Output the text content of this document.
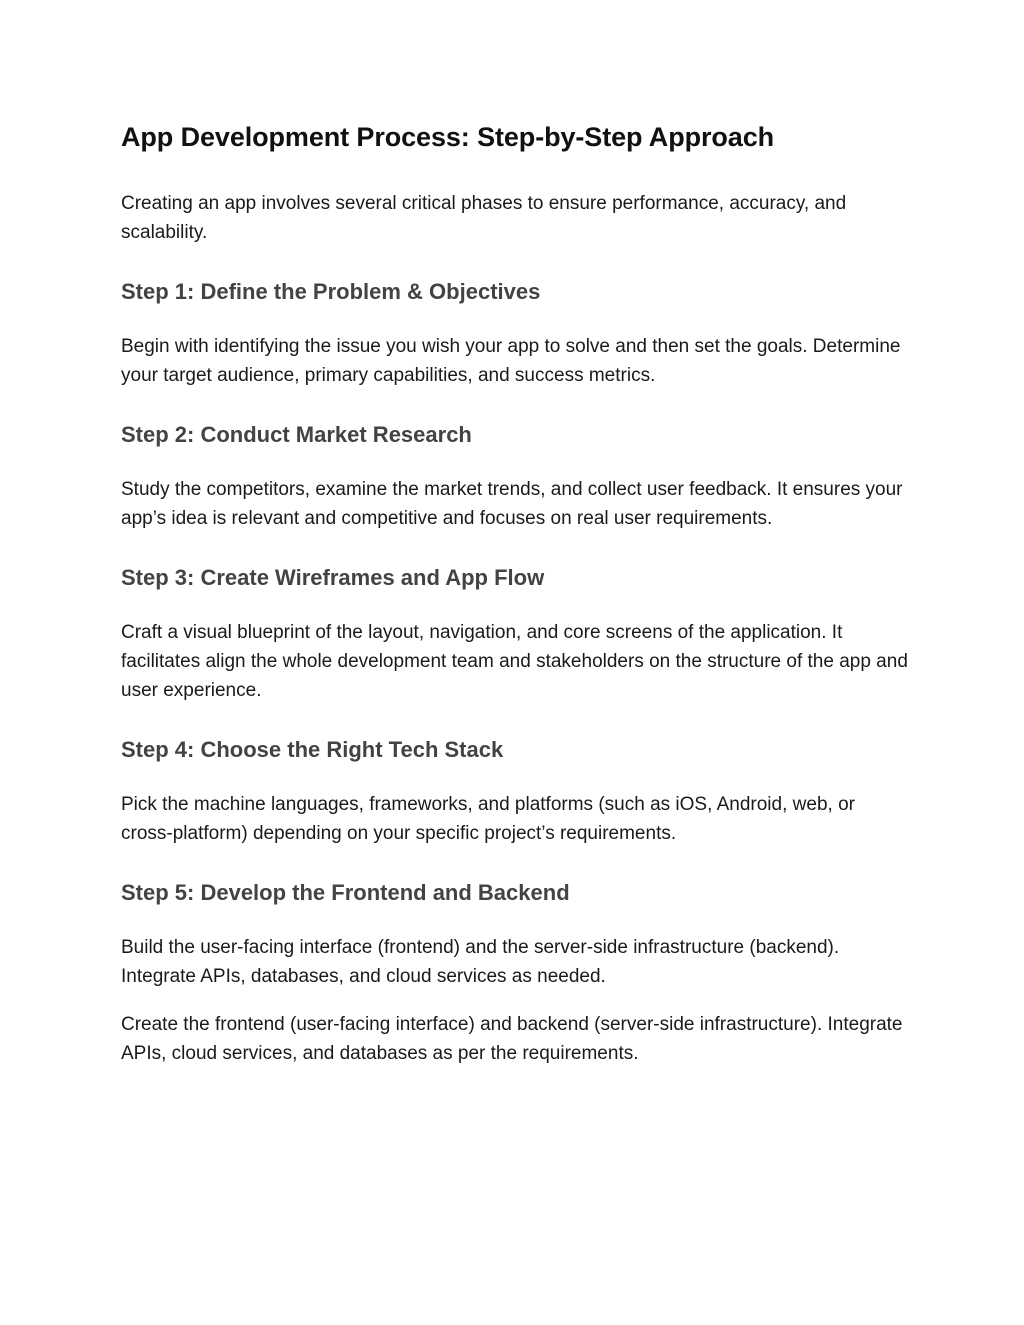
App Development Process: Step-by-Step Approach

Creating an app involves several critical phases to ensure performance, accuracy, and scalability.

Step 1: Define the Problem & Objectives

Begin with identifying the issue you wish your app to solve and then set the goals. Determine your target audience, primary capabilities, and success metrics.

Step 2: Conduct Market Research

Study the competitors, examine the market trends, and collect user feedback. It ensures your app’s idea is relevant and competitive and focuses on real user requirements.

Step 3: Create Wireframes and App Flow

Craft a visual blueprint of the layout, navigation, and core screens of the application. It facilitates align the whole development team and stakeholders on the structure of the app and user experience.

Step 4: Choose the Right Tech Stack

Pick the machine languages, frameworks, and platforms (such as iOS, Android, web, or cross-platform) depending on your specific project’s requirements.

Step 5: Develop the Frontend and Backend

Build the user-facing interface (frontend) and the server-side infrastructure (backend). Integrate APIs, databases, and cloud services as needed.

Create the frontend (user-facing interface) and backend (server-side infrastructure). Integrate APIs, cloud services, and databases as per the requirements.
